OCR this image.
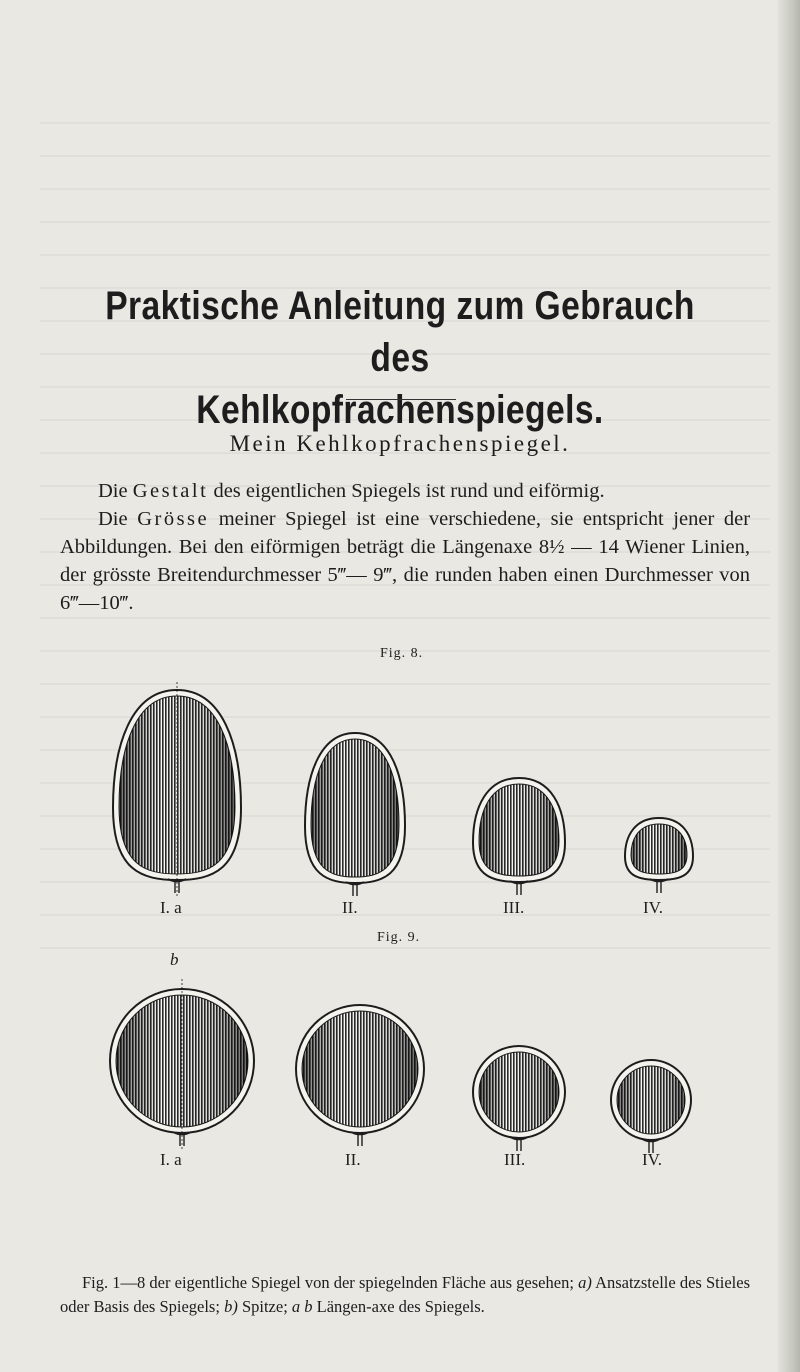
Praktische Anleitung zum Gebrauch des
Kehlkopfrachenspiegels.
Mein Kehlkopfrachenspiegel.

Die Gestalt des eigentlichen Spiegels ist rund und eiförmig.

Die Grösse meiner Spiegel ist eine verschiedene, sie entspricht jener der Abbildungen. Bei den eiförmigen beträgt die Längenaxe 8½ — 14 Wiener Linien, der grösste Breitendurchmesser 5‴— 9‴, die runden haben einen Durchmesser von 6‴—10‴.

Fig. 8.
I. a	II.	III.	IV.
Fig. 9.
b
I. a	II.	III.	IV.

Fig. 1—8 der eigentliche Spiegel von der spiegelnden Fläche aus gesehen; a) Ansatzstelle des Stieles oder Basis des Spiegels; b) Spitze; a b Längen-axe des Spiegels.
